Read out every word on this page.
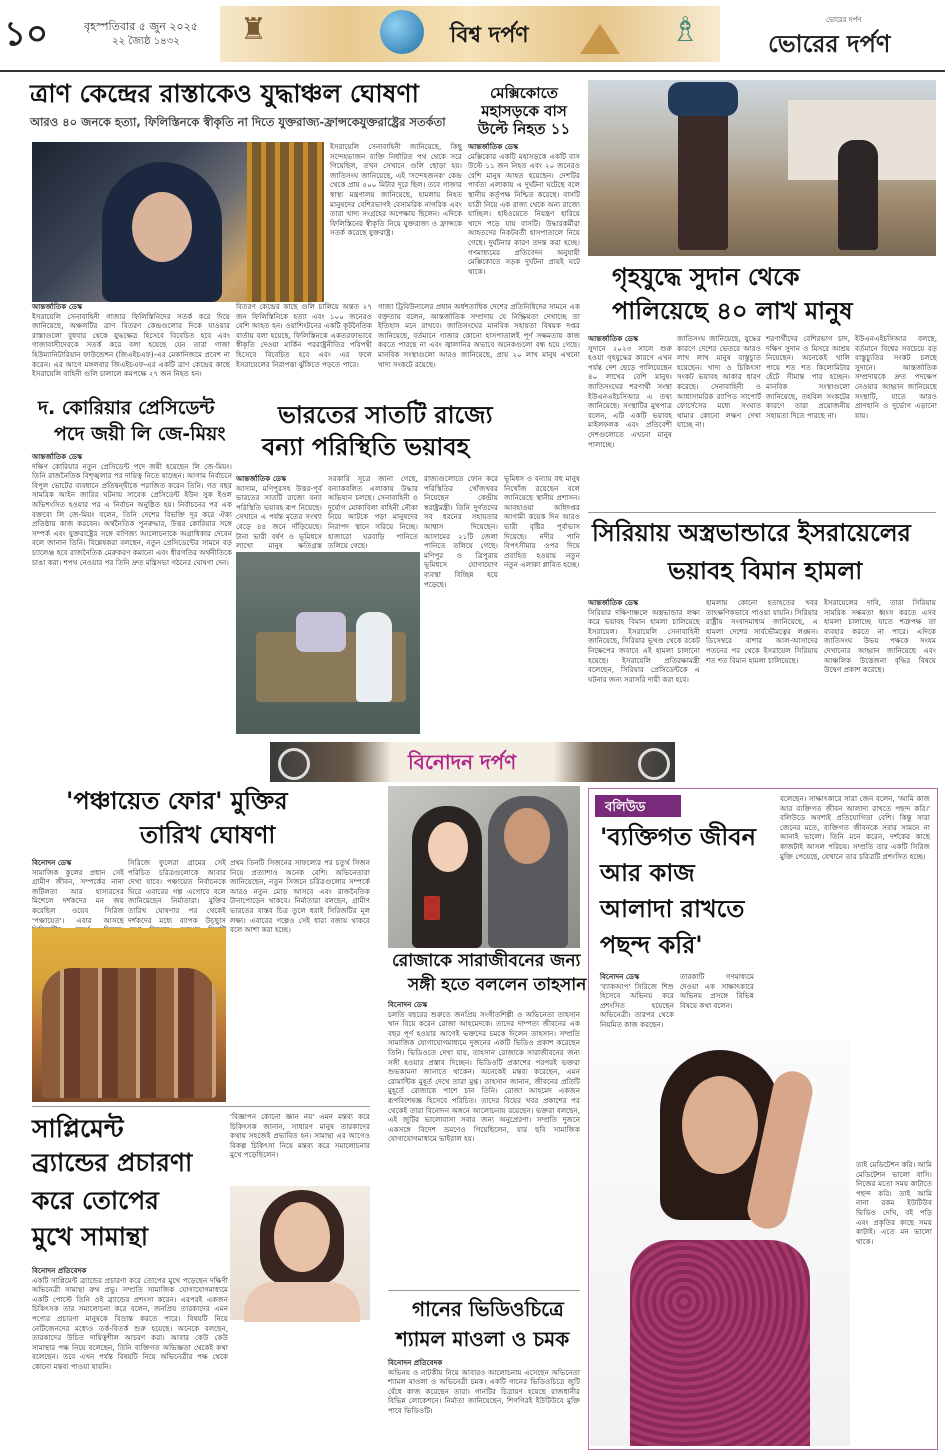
১০	বৃহস্পতিবার ৫ জুন ২০২৫
২২ জ্যৈষ্ঠ ১৪৩২ ♜	বিশ্ব দর্পণ	♗	ভোরের দর্পণ
ভোরের দর্পণ
ত্রাণ কেন্দ্রের রাস্তাকেও যুদ্ধাঞ্চল ঘোষণা
আরও ৪০ জনকে হত্যা, ফিলিস্তিনকে স্বীকৃতি না দিতে যুক্তরাজ্য-ফ্রান্সকেযুক্তরাষ্ট্রের সতর্কতা
আন্তর্জাতিক ডেস্ক
ইসরায়েলি সেনাবাহিনী গাজার ফিলিস্তিনিদের সতর্ক করে দিয়ে জানিয়েছে, অঞ্চলটির ত্রাণ বিতরণ কেন্দ্রগুলোর দিকে যাওয়ার রাস্তাগুলো বুধবার থেকে যুদ্ধক্ষেত্র হিসেবে বিবেচিত হবে এবং গাজাবাসীদেরকে সতর্ক করে বলা হয়েছে যেন তারা গাজা হিউম্যানিটারিয়ান ফাউন্ডেশন (জিএইচএফ)-এর মেকানিজমে প্রবেশ না করেন। এর আগে মঙ্গলবার জিএইচএফ-এর একটি ত্রাণ কেন্দ্রের কাছে ইসরায়েলি বাহিনী গুলি চালালে কমপক্ষে ২৭ জন নিহত হন।
ইসরায়েলি সেনাবাহিনী জানিয়েছে, কিছু সন্দেহভাজন ব্যক্তি নির্ধারিত পথ থেকে সরে গিয়েছিল, তখন সেখানে গুলি ছোড়া হয়। জাতিসংঘ জানিয়েছে, এই 'সন্দেহজনক' কেন্দ্র থেকে প্রায় ৫০০ মিটার দূরে ছিল। তবে গাজার স্বাস্থ্য মন্ত্রণালয় জানিয়েছে, হামলায় নিহত মানুষদের বেশিরভাগই বেসামরিক নাগরিক এবং তারা খাদ্য সংগ্রহের অপেক্ষায় ছিলেন। এদিকে ফিলিস্তিনের স্বীকৃতি নিয়ে যুক্তরাজ্য ও ফ্রান্সকে সতর্ক করেছে যুক্তরাষ্ট্র।
বিতরণ কেন্দ্রের কাছে গুলি চালিয়ে অন্তত ২৭ জন ফিলিস্তিনিকে হত্যা এবং ১০০ জনেরও বেশি আহত হন। ওয়াশিংটনের একটি কূটনৈতিক বার্তায় বলা হয়েছে, ফিলিস্তিনকে একতরফাভাবে স্বীকৃতি দেওয়া মার্কিন পররাষ্ট্রনীতির পরিপন্থী হিসেবে বিবেচিত হবে এবং এর ফলে ইসরায়েলের নিরাপত্তা ঝুঁকিতে পড়তে পারে।
গাজা ট্রিবিউনালের প্রধান অর্ধশতাধিক দেশের প্রতিনিধিদের সামনে এক বক্তৃতায় বলেন, আন্তর্জাতিক সম্প্রদায় যে নিষ্ক্রিয়তা দেখাচ্ছে তা ইতিহাস মনে রাখবে। জাতিসংঘের মানবিক সহায়তা বিষয়ক দপ্তর জানিয়েছে, বর্তমানে গাজার কোনো হাসপাতালই পূর্ণ সক্ষমতায় কাজ করতে পারছে না এবং জ্বালানির অভাবে অনেকগুলো বন্ধ হয়ে গেছে। মানবিক সংস্থাগুলো আরও জানিয়েছে, প্রায় ২০ লাখ মানুষ এখনো খাদ্য সংকটে রয়েছে।
মেক্সিকোতে মহাসড়কে বাস উল্টে নিহত ১১
আন্তর্জাতিক ডেস্ক
মেক্সিকোর একটি মহাসড়কে একটি বাস উল্টে ১১ জন নিহত এবং ২০ জনেরও বেশি মানুষ আহত হয়েছেন। দেশটির পার্বত্য এলাকায় এ দুর্ঘটনা ঘটেছে বলে স্থানীয় কর্তৃপক্ষ নিশ্চিত করেছে। বাসটি যাত্রী নিয়ে এক রাজ্য থেকে অন্য রাজ্যে যাচ্ছিল। হাইওয়েতে নিয়ন্ত্রণ হারিয়ে খাদে পড়ে যায় বাসটি। উদ্ধারকর্মীরা আহতদের নিকটবর্তী হাসপাতালে নিয়ে গেছে। দুর্ঘটনার কারণ তদন্ত করা হচ্ছে। গণমাধ্যমের প্রতিবেদন অনুযায়ী মেক্সিকোতে সড়ক দুর্ঘটনা প্রায়ই ঘটে থাকে।	গৃহযুদ্ধে সুদান থেকে
পালিয়েছে ৪০ লাখ মানুষ
আন্তর্জাতিক ডেস্ক
সুদানে ২০২৩ সালে শুরু হওয়া গৃহযুদ্ধের কারণে এখন পর্যন্ত দেশ ছেড়ে পালিয়েছেন ৪০ লাখের বেশি মানুষ। জাতিসংঘের শরণার্থী সংস্থা ইউএনএইচসিআর এ তথ্য জানিয়েছে। সংস্থাটির মুখপাত্র বলেন, এটি একটি ভয়াবহ মাইলফলক এবং প্রতিবেশী দেশগুলোতে এখনো মানুষ পালাচ্ছে।
জাতিসংঘ জানিয়েছে, যুদ্ধের কারণে দেশের ভেতরে আরও লাখ লাখ মানুষ বাস্তুচ্যুত হয়েছেন। খাদ্য ও চিকিৎসা সংকট ভয়াবহ আকার ধারণ করেছে। সেনাবাহিনী ও আধাসামরিক র‍্যাপিড সাপোর্ট ফোর্সেসের মধ্যে সংঘাত থামার কোনো লক্ষণ দেখা যাচ্ছে না।
শরণার্থীদের বেশিরভাগ চাদ, দক্ষিণ সুদান ও মিসরে আশ্রয় নিয়েছেন। অনেকেই খালি পায়ে শত শত কিলোমিটার হেঁটে সীমান্ত পার হচ্ছেন। মানবিক সংস্থাগুলো জানিয়েছে, তহবিল সংকটের কারণে তারা প্রয়োজনীয় সহায়তা দিতে পারছে না।
ইউএনএইচসিআর বলছে, বর্তমানে বিশ্বের সবচেয়ে বড় বাস্তুচ্যুতির সংকট চলছে সুদানে। আন্তর্জাতিক সম্প্রদায়কে দ্রুত পদক্ষেপ নেওয়ার আহ্বান জানিয়েছে সংস্থাটি, যাতে আরও প্রাণহানি ও দুর্ভোগ এড়ানো যায়।
দ. কোরিয়ার প্রেসিডেন্ট
পদে জয়ী লি জে-মিয়ং
আন্তর্জাতিক ডেস্ক
দক্ষিণ কোরিয়ার নতুন প্রেসিডেন্ট পদে জয়ী হয়েছেন লি জে-মিয়ং। তিনি রাজনৈতিক বিশৃঙ্খলার পর দায়িত্ব নিতে যাচ্ছেন। আগাম নির্বাচনে বিপুল ভোটের ব্যবধানে প্রতিদ্বন্দ্বীকে পরাজিত করেন তিনি। গত বছর সামরিক আইন জারির ঘটনায় সাবেক প্রেসিডেন্ট ইউন সুক ইওল অভিশংসিত হওয়ার পর এ নির্বাচন অনুষ্ঠিত হয়। নির্বাচনের পর এক বক্তব্যে লি জে-মিয়ং বলেন, তিনি দেশের বিভক্তি দূর করে ঐক্য প্রতিষ্ঠায় কাজ করবেন। অর্থনৈতিক পুনরুদ্ধার, উত্তর কোরিয়ার সঙ্গে সম্পর্ক এবং যুক্তরাষ্ট্রের সঙ্গে বাণিজ্য আলোচনাকে অগ্রাধিকার দেবেন বলে জানান তিনি। বিশ্লেষকরা বলছেন, নতুন প্রেসিডেন্টের সামনে বড় চ্যালেঞ্জ হবে রাজনৈতিক মেরুকরণ কমানো এবং ধীরগতির অর্থনীতিকে চাঙা করা। শপথ নেওয়ার পর তিনি দ্রুত মন্ত্রিসভা গঠনের ঘোষণা দেন।
ভারতের সাতটি রাজ্যে
বন্যা পরিস্থিতি ভয়াবহ
আন্তর্জাতিক ডেস্ক
আসাম, মণিপুরসহ উত্তর-পূর্ব ভারতের সাতটি রাজ্যে বন্যা পরিস্থিতি ভয়াবহ রূপ নিয়েছে। সেখানে এ পর্যন্ত মৃতের সংখ্যা বেড়ে ৪৪ জনে দাঁড়িয়েছে। টানা ভারী বর্ষণ ও ভূমিধসে লাখো মানুষ ক্ষতিগ্রস্ত
সরকারি সূত্রে জানা গেছে, বন্যাকবলিত এলাকায় উদ্ধার অভিযান চলছে। সেনাবাহিনী ও দুর্যোগ মোকাবিলা বাহিনী নৌকা নিয়ে আটকে পড়া মানুষদের নিরাপদ স্থানে সরিয়ে নিচ্ছে। হাজারো ঘরবাড়ি পানিতে তলিয়ে গেছে।
রাজ্যগুলোতে ফোন করে পরিস্থিতির খোঁজখবর নিয়েছেন কেন্দ্রীয় স্বরাষ্ট্রমন্ত্রী। তিনি দুর্গতদের সব ধরনের সহায়তার আশ্বাস দিয়েছেন। আসামের ২১টি জেলা পানিতে তলিয়ে গেছে। মণিপুর ও ত্রিপুরায় ভূমিধসে যোগাযোগ ব্যবস্থা বিচ্ছিন্ন হয়ে পড়েছে।
ভূমিধস ও বন্যায় বহু মানুষ নিখোঁজ রয়েছেন বলে জানিয়েছে স্থানীয় প্রশাসন। আবহাওয়া অধিদপ্তর আগামী কয়েক দিন আরও ভারী বৃষ্টির পূর্বাভাস দিয়েছে। নদীর পানি বিপৎসীমার ওপর দিয়ে প্রবাহিত হওয়ায় নতুন নতুন এলাকা প্লাবিত হচ্ছে।
সিরিয়ায় অস্ত্রভান্ডারে ইসরায়েলের
ভয়াবহ বিমান হামলা
আন্তর্জাতিক ডেস্ক
সিরিয়ার দক্ষিণাঞ্চলে অস্ত্রভান্ডার লক্ষ্য করে ভয়াবহ বিমান হামলা চালিয়েছে ইসরায়েল। ইসরায়েলি সেনাবাহিনী জানিয়েছে, সিরিয়ার ভূখণ্ড থেকে রকেট নিক্ষেপের জবাবে এই হামলা চালানো হয়েছে। ইসরায়েলি প্রতিরক্ষামন্ত্রী বলেছেন, সিরিয়ার প্রেসিডেন্টকে এ ঘটনার জন্য সরাসরি দায়ী করা হবে।
হামলায় কোনো হতাহতের খবর তাৎক্ষণিকভাবে পাওয়া যায়নি। সিরিয়ার রাষ্ট্রীয় সংবাদমাধ্যম জানিয়েছে, এ হামলা দেশের সার্বভৌমত্বের লঙ্ঘন। ডিসেম্বরে বাশার আল-আসাদের পতনের পর থেকে ইসরায়েল সিরিয়ায় শত শত বিমান হামলা চালিয়েছে।
ইসরায়েলের দাবি, তারা সিরিয়ায় সামরিক সক্ষমতা ধ্বংস করতে এসব হামলা চালাচ্ছে যাতে শত্রুপক্ষ তা ব্যবহার করতে না পারে। এদিকে জাতিসংঘ উভয় পক্ষকে সংযম দেখানোর আহ্বান জানিয়েছে এবং আঞ্চলিক উত্তেজনা বৃদ্ধির বিষয়ে উদ্বেগ প্রকাশ করেছে।
বিনোদন দর্পণ
'পঞ্চায়েত ফোর' মুক্তির
তারিখ ঘোষণা
বিনোদন ডেস্ক
সামাজিক কুলের প্রধান সেই গ্রামীণ জীবন, সম্পর্কের নানা জটিলতা আর হাস্যরসের মিশেলে দর্শকদের মন জয় করেছিল ওয়েব সিরিজ 'পঞ্চায়েত'। এবার আসছে
সিরিজে ফুলেরা গ্রামের সেই পরিচিত চরিত্রগুলোকে আবার দেখা যাবে। পঞ্চায়েত নির্বাচনকে ঘিরে এবারের গল্প এগোবে বলে জানিয়েছেন নির্মাতারা। মুক্তির তারিখ ঘোষণার পর থেকেই দর্শকদের মধ্যে ব্যাপক উচ্ছ্বাস
প্রথম তিনটি সিজনের সাফল্যের পর চতুর্থ সিজন নিয়ে প্রত্যাশাও অনেক বেশি। অভিনেতারা জানিয়েছেন, নতুন সিজনে চরিত্রগুলোর সম্পর্কে আরও নতুন মোড় আসবে এবং রাজনৈতিক টানাপোড়েন থাকবে। নির্মাতারা বলছেন, গ্রামীণ ভারতের বাস্তব চিত্র তুলে ধরাই সিরিজটির মূল লক্ষ্য। এবারের গল্পেও সেই ধারা বজায় থাকবে বলে আশা করা হচ্ছে।
সাপ্লিমেন্ট
ব্র্যান্ডের প্রচারণা
করে তোপের
মুখে সামান্থা
'বিজ্ঞাপন কোনো জ্ঞান নয়' এমন মন্তব্য করে চিকিৎসক জানান, সাধারণ মানুষ তারকাদের কথায় সহজেই প্রভাবিত হন। সামান্থা এর আগেও বিকল্প চিকিৎসা নিয়ে মন্তব্য করে সমালোচনার মুখে পড়েছিলেন।
বিনোদন প্রতিবেদক
একটি সাপ্লিমেন্ট ব্র্যান্ডের প্রচারণা করে তোপের মুখে পড়েছেন দক্ষিণী অভিনেত্রী সামান্থা রুথ প্রভু। সম্প্রতি সামাজিক যোগাযোগমাধ্যমে একটি পোস্টে তিনি ওই ব্র্যান্ডের প্রশংসা করেন। এরপরই একজন চিকিৎসক তার সমালোচনা করে বলেন, জনপ্রিয় তারকাদের এমন পণ্যের প্রচারণা মানুষকে বিভ্রান্ত করতে পারে। বিষয়টি নিয়ে নেটিজেনদের মধ্যেও তর্ক-বিতর্ক শুরু হয়েছে। অনেকে বলছেন, তারকাদের উচিত দায়িত্বশীল আচরণ করা। আবার কেউ কেউ সামান্থার পক্ষ নিয়ে বলেছেন, তিনি ব্যক্তিগত অভিজ্ঞতা থেকেই কথা বলেছেন। তবে এখন পর্যন্ত বিষয়টি নিয়ে অভিনেত্রীর পক্ষ থেকে কোনো মন্তব্য পাওয়া যায়নি।
রোজাকে সারাজীবনের জন্য
সঙ্গী হতে বললেন তাহসান
বিনোদন ডেস্ক
চলতি বছরের শুরুতে জনপ্রিয় সংগীতশিল্পী ও অভিনেতা তাহসান খান বিয়ে করেন রোজা আহমেদকে। তাদের দাম্পত্য জীবনের এক বছর পূর্ণ হওয়ার আগেই ভক্তদের চমকে দিলেন তাহসান। সম্প্রতি সামাজিক যোগাযোগমাধ্যমে দুজনের একটি ভিডিও প্রকাশ করেছেন তিনি। ভিডিওতে দেখা যায়, তাহসান রোজাকে সারাজীবনের জন্য সঙ্গী হওয়ার প্রস্তাব দিচ্ছেন। ভিডিওটি প্রকাশের পরপরই ভক্তরা শুভকামনা জানাতে থাকেন। অনেকেই মন্তব্য করেছেন, এমন রোমান্টিক মুহূর্ত দেখে তারা মুগ্ধ। তাহসান জানান, জীবনের প্রতিটি মুহূর্তে রোজাকে পাশে চান তিনি। রোজা আহমেদ একজন রূপবিশেষজ্ঞ হিসেবে পরিচিত। তাদের বিয়ের খবর প্রকাশের পর থেকেই তারা বিনোদন অঙ্গনে আলোচনায় রয়েছেন। ভক্তরা বলছেন, এই জুটির ভালোবাসা সবার জন্য অনুপ্রেরণা। সম্প্রতি দুজনে একসঙ্গে বিদেশ ভ্রমণেও গিয়েছিলেন, যার ছবি সামাজিক যোগাযোগমাধ্যমে ভাইরাল হয়।
গানের ভিডিওচিত্রে
শ্যামল মাওলা ও চমক
বিনোদন প্রতিবেদক
অভিনয় ও নাটকীয় নিয়ে আবারও আলোচনায় এসেছেন অভিনেতা শ্যামল মাওলা ও অভিনেত্রী চমক। একটি গানের ভিডিওচিত্রে জুটি বেঁধে কাজ করেছেন তারা। গানটির চিত্রায়ণ হয়েছে রাজধানীর বিভিন্ন লোকেশনে। নির্মাতা জানিয়েছেন, শিগগিরই ইউটিউবে মুক্তি পাবে ভিডিওটি।
বলিউড
'ব্যক্তিগত জীবন
আর কাজ
আলাদা রাখতে
পছন্দ করি'
বলেছেন। সাক্ষাৎকারে সারা জেন বলেন, 'আমি কাজ আর ব্যক্তিগত জীবন আলাদা রাখতে পছন্দ করি।' বলিউডে অবশ্যই প্রতিযোগিতা বেশি। কিন্তু সারা জেনের মতে, ব্যক্তিগত জীবনকে সবার সামনে না আনাই ভালো। তিনি মনে করেন, দর্শকের কাছে কাজটাই আসল পরিচয়। সম্প্রতি তার একটি সিরিজ মুক্তি পেয়েছে, যেখানে তার চরিত্রটি প্রশংসিত হচ্ছে।
বিনোদন ডেস্ক
'ব্যাকআপ' সিরিজে শিশু হিসেবে অভিনয় করে প্রশংসিত হয়েছেন অভিনেত্রী। তারপর থেকে নিয়মিত কাজ করছেন।
তারকাটি গণমাধ্যমে দেওয়া এক সাক্ষাৎকারে অভিনয় প্রসঙ্গে বিভিন্ন বিষয়ে কথা বলেন।
তাই মেডিটেশন করি। আমি মেডিটেশন ভালো বাসি। নিজের মতো সময় কাটাতে পছন্দ করি। তাই আমি নানা রকম ইউটিউব ভিডিও দেখি, বই পড়ি এবং প্রকৃতির কাছে সময় কাটাই। এতে মন ভালো থাকে।
